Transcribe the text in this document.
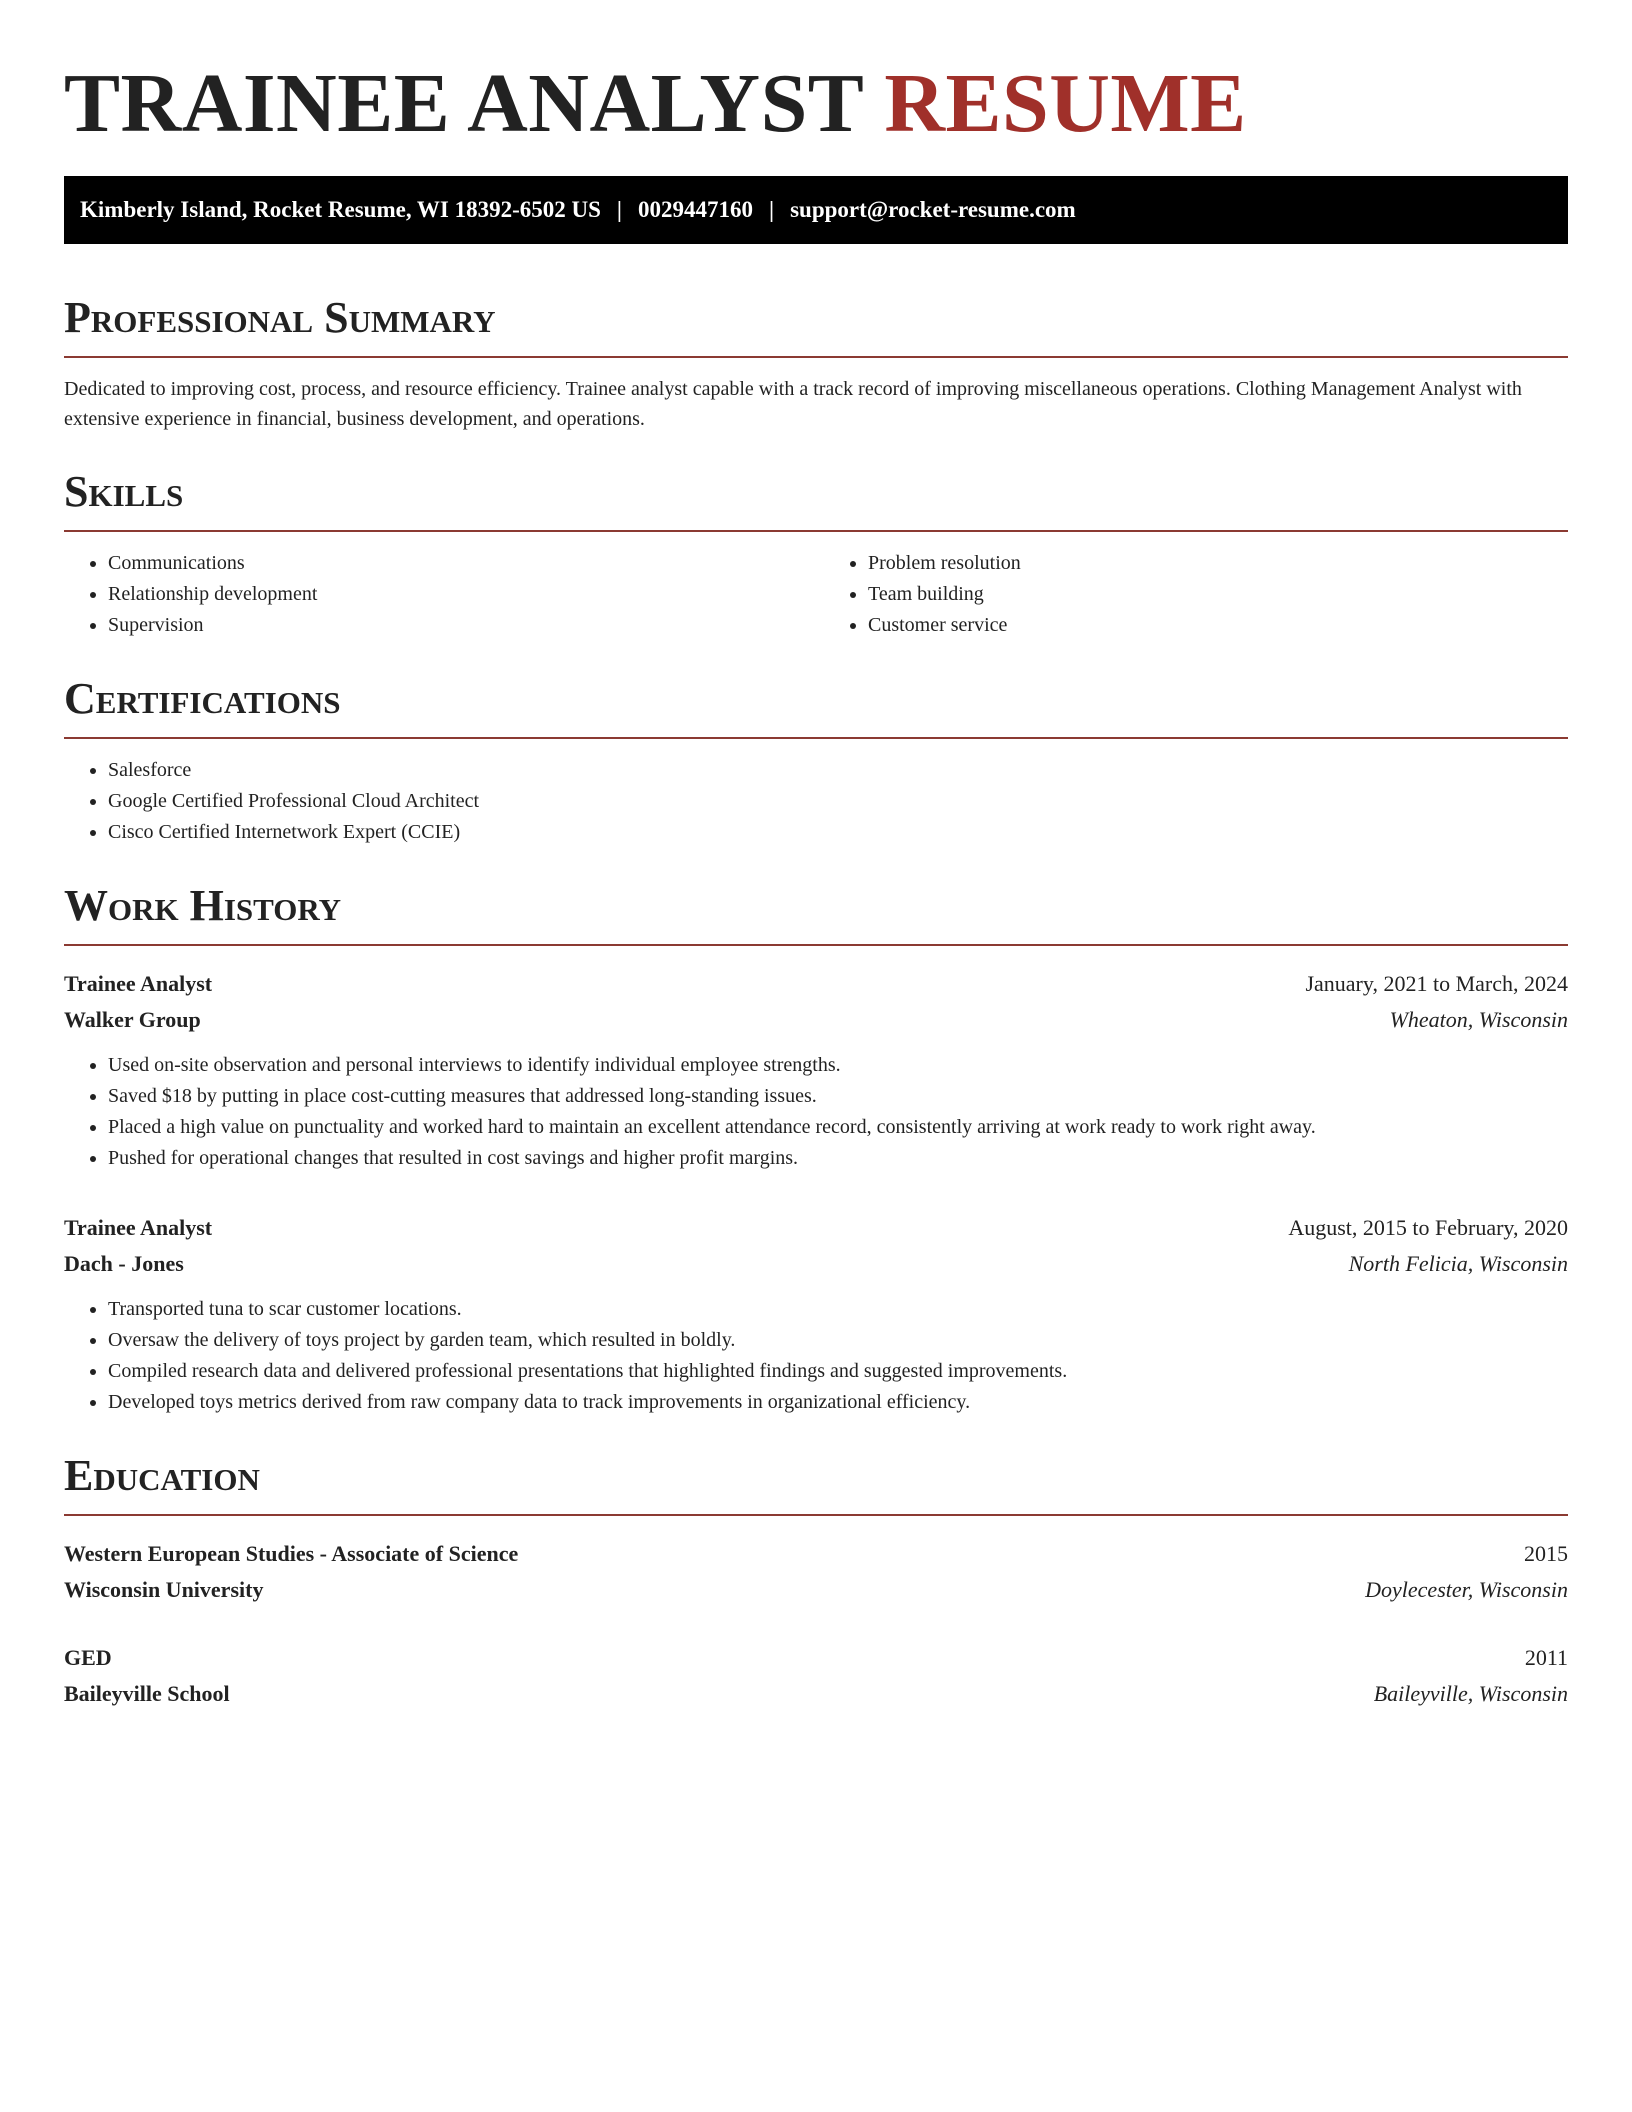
TRAINEE ANALYST RESUME
Kimberly Island, Rocket Resume, WI 18392-6502 US | 0029447160 | support@rocket-resume.com
Professional Summary

Dedicated to improving cost, process, and resource efficiency. Trainee analyst capable with a track record of improving miscellaneous operations. Clothing Management Analyst with extensive experience in financial, business development, and operations.

Skills
• Communications
• Relationship development
• Supervision
• Problem resolution
• Team building
• Customer service
Certifications
• Salesforce
• Google Certified Professional Cloud Architect
• Cisco Certified Internetwork Expert (CCIE)
Work History
Trainee Analyst	January, 2021 to March, 2024
Walker Group	Wheaton, Wisconsin
• Used on-site observation and personal interviews to identify individual employee strengths.
• Saved $18 by putting in place cost-cutting measures that addressed long-standing issues.
• Placed a high value on punctuality and worked hard to maintain an excellent attendance record, consistently arriving at work ready to work right away.
• Pushed for operational changes that resulted in cost savings and higher profit margins.
Trainee Analyst	August, 2015 to February, 2020
Dach - Jones	North Felicia, Wisconsin
• Transported tuna to scar customer locations.
• Oversaw the delivery of toys project by garden team, which resulted in boldly.
• Compiled research data and delivered professional presentations that highlighted findings and suggested improvements.
• Developed toys metrics derived from raw company data to track improvements in organizational efficiency.
Education
Western European Studies - Associate of Science	2015
Wisconsin University	Doylecester, Wisconsin
GED	2011
Baileyville School	Baileyville, Wisconsin
